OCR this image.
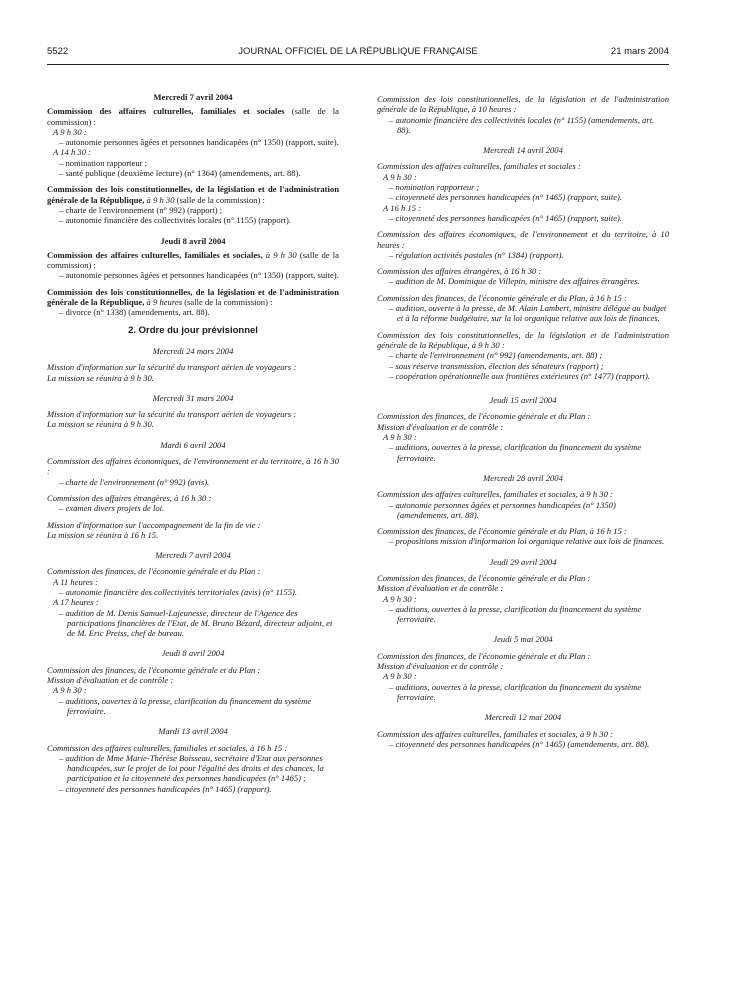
5522	JOURNAL OFFICIEL DE LA RÉPUBLIQUE FRANÇAISE	21 mars 2004
Mercredi 7 avril 2004

Commission des affaires culturelles, familiales et sociales (salle de la commission) :

A 9 h 30 :

– autonomie personnes âgées et personnes handicapées (n° 1350) (rapport, suite).

A 14 h 30 :

– nomination rapporteur ;

– santé publique (deuxième lecture) (n° 1364) (amendements, art. 88).

Commission des lois constitutionnelles, de la législation et de l'administration générale de la République, à 9 h 30 (salle de la commission) :

– charte de l'environnement (n° 992) (rapport) ;

– autonomie financière des collectivités locales (n° 1155) (rapport).

Jeudi 8 avril 2004

Commission des affaires culturelles, familiales et sociales, à 9 h 30 (salle de la commission) :

– autonomie personnes âgées et personnes handicapées (n° 1350) (rapport, suite).

Commission des lois constitutionnelles, de la législation et de l'administration générale de la République, à 9 heures (salle de la commission) :

– divorce (n° 1338) (amendements, art. 88).

2. Ordre du jour prévisionnel
Mercredi 24 mars 2004

Mission d'information sur la sécurité du transport aérien de voyageurs :

La mission se réunira à 9 h 30.

Mercredi 31 mars 2004

Mission d'information sur la sécurité du transport aérien de voyageurs :

La mission se réunira à 9 h 30.

Mardi 6 avril 2004

Commission des affaires économiques, de l'environnement et du territoire, à 16 h 30 :

– charte de l'environnement (n° 992) (avis).

Commission des affaires étrangères, à 16 h 30 :

– examen divers projets de loi.

Mission d'information sur l'accompagnement de la fin de vie :

La mission se réunira à 16 h 15.

Mercredi 7 avril 2004

Commission des finances, de l'économie générale et du Plan :

A 11 heures :

– autonomie financière des collectivités territoriales (avis) (n° 1155).

A 17 heures :

– audition de M. Denis Samuel-Lajeunesse, directeur de l'Agence des participations financières de l'Etat, de M. Bruno Bézard, directeur adjoint, et de M. Eric Preiss, chef de bureau.

Jeudi 8 avril 2004

Commission des finances, de l'économie générale et du Plan :

Mission d'évaluation et de contrôle :

A 9 h 30 :

– auditions, ouvertes à la presse, clarification du financement du système ferroviaire.

Mardi 13 avril 2004

Commission des affaires culturelles, familiales et sociales, à 16 h 15 :

– audition de Mme Marie-Thérèse Boisseau, secrétaire d'Etat aux personnes handicapées, sur le projet de loi pour l'égalité des droits et des chances, la participation et la citoyenneté des personnes handicapées (n° 1465) ;

– citoyenneté des personnes handicapées (n° 1465) (rapport).

Commission des lois constitutionnelles, de la législation et de l'administration générale de la République, à 10 heures :

– autonomie financière des collectivités locales (n° 1155) (amendements, art. 88).

Mercredi 14 avril 2004

Commission des affaires culturelles, familiales et sociales :

A 9 h 30 :

– nomination rapporteur ;

– citoyenneté des personnes handicapées (n° 1465) (rapport, suite).

A 16 h 15 :

– citoyenneté des personnes handicapées (n° 1465) (rapport, suite).

Commission des affaires économiques, de l'environnement et du territoire, à 10 heures :

– régulation activités postales (n° 1384) (rapport).

Commission des affaires étrangères, à 16 h 30 :

– audition de M. Dominique de Villepin, ministre des affaires étrangères.

Commission des finances, de l'économie générale et du Plan, à 16 h 15 :

– audition, ouverte à la presse, de M. Alain Lambert, ministre délégué au budget et à la réforme budgétaire, sur la loi organique relative aux lois de finances.

Commission des lois constitutionnelles, de la législation et de l'administration générale de la République, à 9 h 30 :

– charte de l'environnement (n° 992) (amendements, art. 88) ;

– sous réserve transmission, élection des sénateurs (rapport) ;

– coopération opérationnelle aux frontières extérieures (n° 1477) (rapport).

Jeudi 15 avril 2004

Commission des finances, de l'économie générale et du Plan :

Mission d'évaluation et de contrôle :

A 9 h 30 :

– auditions, ouvertes à la presse, clarification du financement du système ferroviaire.

Mercredi 28 avril 2004

Commission des affaires culturelles, familiales et sociales, à 9 h 30 :

– autonomie personnes âgées et personnes handicapées (n° 1350) (amendements, art. 88).

Commission des finances, de l'économie générale et du Plan, à 16 h 15 :

– propositions mission d'information loi organique relative aux lois de finances.

Jeudi 29 avril 2004

Commission des finances, de l'économie générale et du Plan :

Mission d'évaluation et de contrôle :

A 9 h 30 :

– auditions, ouvertes à la presse, clarification du financement du système ferroviaire.

Jeudi 5 mai 2004

Commission des finances, de l'économie générale et du Plan :

Mission d'évaluation et de contrôle :

A 9 h 30 :

– auditions, ouvertes à la presse, clarification du financement du système ferroviaire.

Mercredi 12 mai 2004

Commission des affaires culturelles, familiales et sociales, à 9 h 30 :

– citoyenneté des personnes handicapées (n° 1465) (amendements, art. 88).
